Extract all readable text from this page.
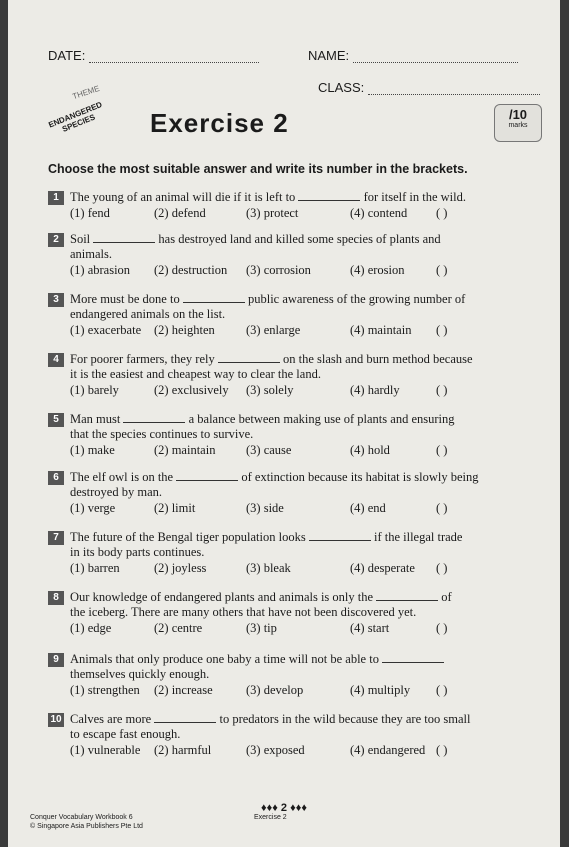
DATE:	NAME:
CLASS:
THEME
ENDANGERED SPECIES	Exercise 2	/10
marks
Choose the most suitable answer and write its number in the brackets.
1 The young of an animal will die if it is left to	for itself in the wild.
(1) fend	(2) defend	(3) protect	(4) contend	( )
2 Soil	has destroyed land and killed some species of plants and
animals.
(1) abrasion	(2) destruction	(3) corrosion	(4) erosion	( )
3 More must be done to	public awareness of the growing number of
endangered animals on the list.
(1) exacerbate	(2) heighten	(3) enlarge	(4) maintain	( )
4 For poorer farmers, they rely	on the slash and burn method because
it is the easiest and cheapest way to clear the land.
(1) barely	(2) exclusively	(3) solely	(4) hardly	( )
5 Man must	a balance between making use of plants and ensuring
that the species continues to survive.
(1) make	(2) maintain	(3) cause	(4) hold	( )
6 The elf owl is on the	of extinction because its habitat is slowly being
destroyed by man.
(1) verge	(2) limit	(3) side	(4) end	( )
7 The future of the Bengal tiger population looks	if the illegal trade
in its body parts continues.
(1) barren	(2) joyless	(3) bleak	(4) desperate	( )
8 Our knowledge of endangered plants and animals is only the	of
the iceberg. There are many others that have not been discovered yet.
(1) edge	(2) centre	(3) tip	(4) start	( )
9 Animals that only produce one baby a time will not be able to
themselves quickly enough.
(1) strengthen	(2) increase	(3) develop	(4) multiply	( )
10 Calves are more	to predators in the wild because they are too small
to escape fast enough.
(1) vulnerable	(2) harmful	(3) exposed	(4) endangered ( )
♦♦♦ 2 ♦♦♦
Conquer Vocabulary Workbook 6
© Singapore Asia Publishers Pte Ltd
Exercise 2
